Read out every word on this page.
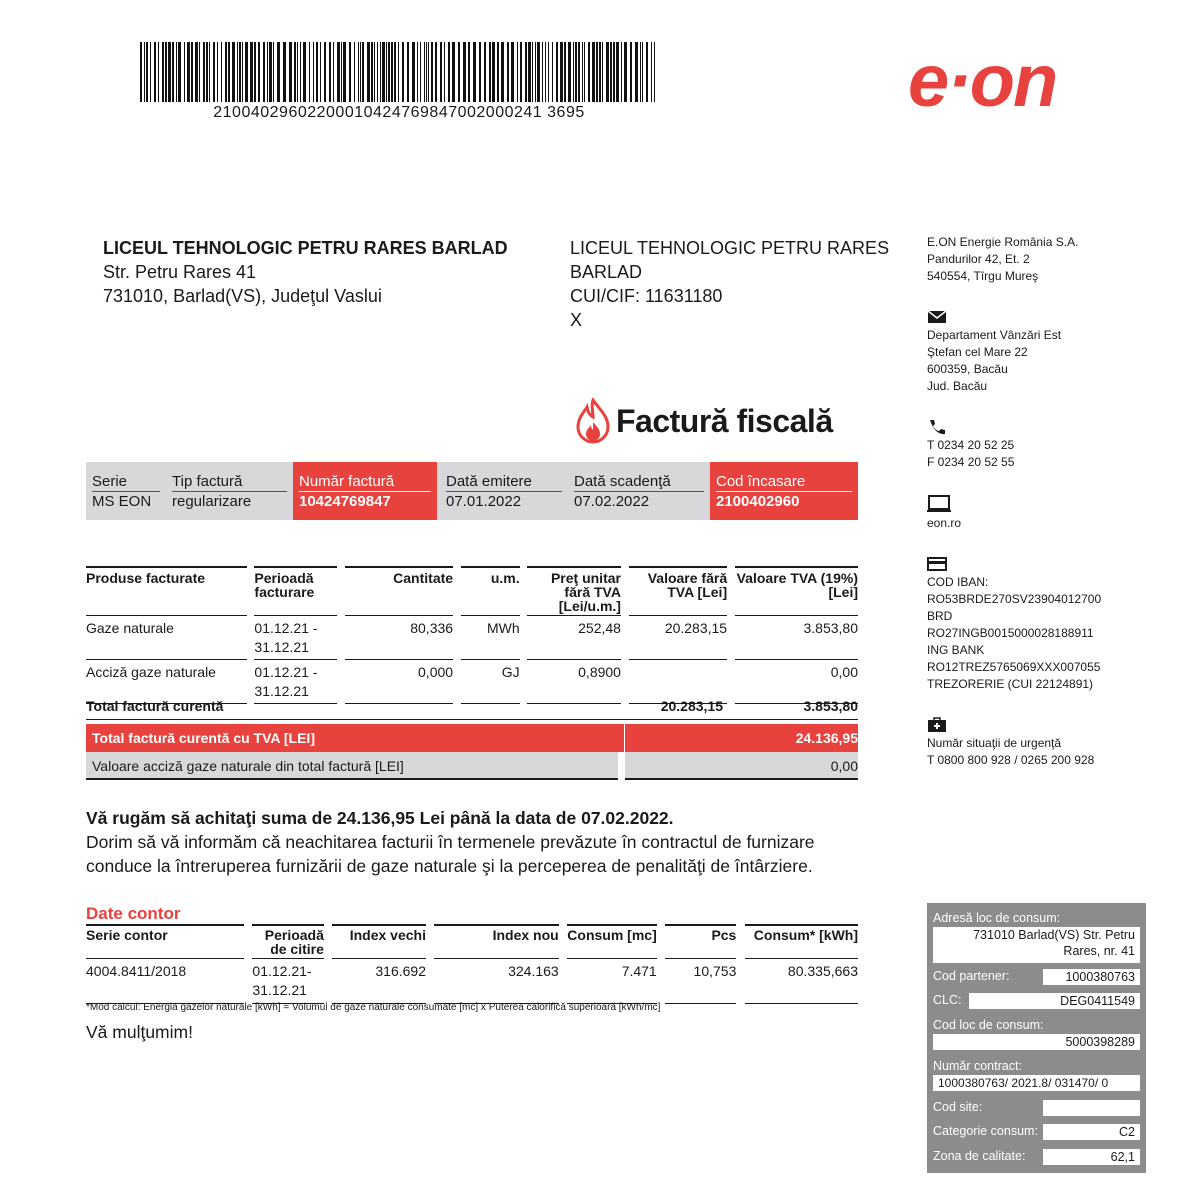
21004029602200010424769847002000241 3695	e·on
LICEUL TEHNOLOGIC PETRU RARES BARLAD
Str. Petru Rares 41
731010, Barlad(VS), Judeţul Vaslui
LICEUL TEHNOLOGIC PETRU RARES
BARLAD
CUI/CIF: 11631180
X
E.ON Energie România S.A.
Pandurilor 42, Et. 2
540554, Tîrgu Mureş
Departament Vânzări Est
Ştefan cel Mare 22
600359, Bacău
Jud. Bacău
T 0234 20 52 25
F 0234 20 52 55
eon.ro
COD IBAN:
RO53BRDE270SV23904012700
BRD
RO27INGB0015000028188911
ING BANK
RO12TREZ5765069XXX007055
TREZORERIE (CUI 22124891)
Număr situaţii de urgenţă
T 0800 800 928 / 0265 200 928
Factură fiscală
Serie
MS EON
Tip factură
regularizare
Număr factură
10424769847
Dată emitere
07.01.2022
Dată scadenţă
07.02.2022
Cod încasare
2100402960
Produse facturate		Perioadă facturare		Cantitate		u.m.		Preţ unitar fără TVA [Lei/u.m.]		Valoare fără TVA [Lei]		Valoare TVA (19%) [Lei]
Gaze naturale		01.12.21 -
31.12.21		80,336		MWh		252,48		20.283,15		3.853,80
Acciză gaze naturale		01.12.21 -
31.12.21		0,000		GJ		0,8900				0,00
Total factură curentă	20.283,15	3.853,80
Total factură curentă cu TVA [LEI]	24.136,95
Valoare acciză gaze naturale din total factură [LEI]	0,00
Vă rugăm să achitaţi suma de 24.136,95 Lei până la data de 07.02.2022.
Dorim să vă informăm că neachitarea facturii în termenele prevăzute în contractul de furnizare
conduce la întreruperea furnizării de gaze naturale şi la perceperea de penalităţi de întârziere.
Date contor
Serie contor		Perioadă de citire		Index vechi		Index nou		Consum [mc]		Pcs		Consum* [kWh]
4004.8411/2018		01.12.21-
31.12.21		316.692		324.163		7.471		10,753		80.335,663
*Mod calcul: Energia gazelor naturale [kWh] = Volumul de gaze naturale consumate [mc] x Puterea calorifică superioară [kWh/mc]
Vă mulţumim!
Adresă loc de consum:
731010 Barlad(VS) Str. Petru
Rares, nr. 41
Cod partener:	1000380763
CLC:	DEG0411549
Cod loc de consum:
5000398289
Număr contract:
1000380763/ 2021.8/ 031470/ 0
Cod site:
Categorie consum:	C2
Zona de calitate:	62,1
